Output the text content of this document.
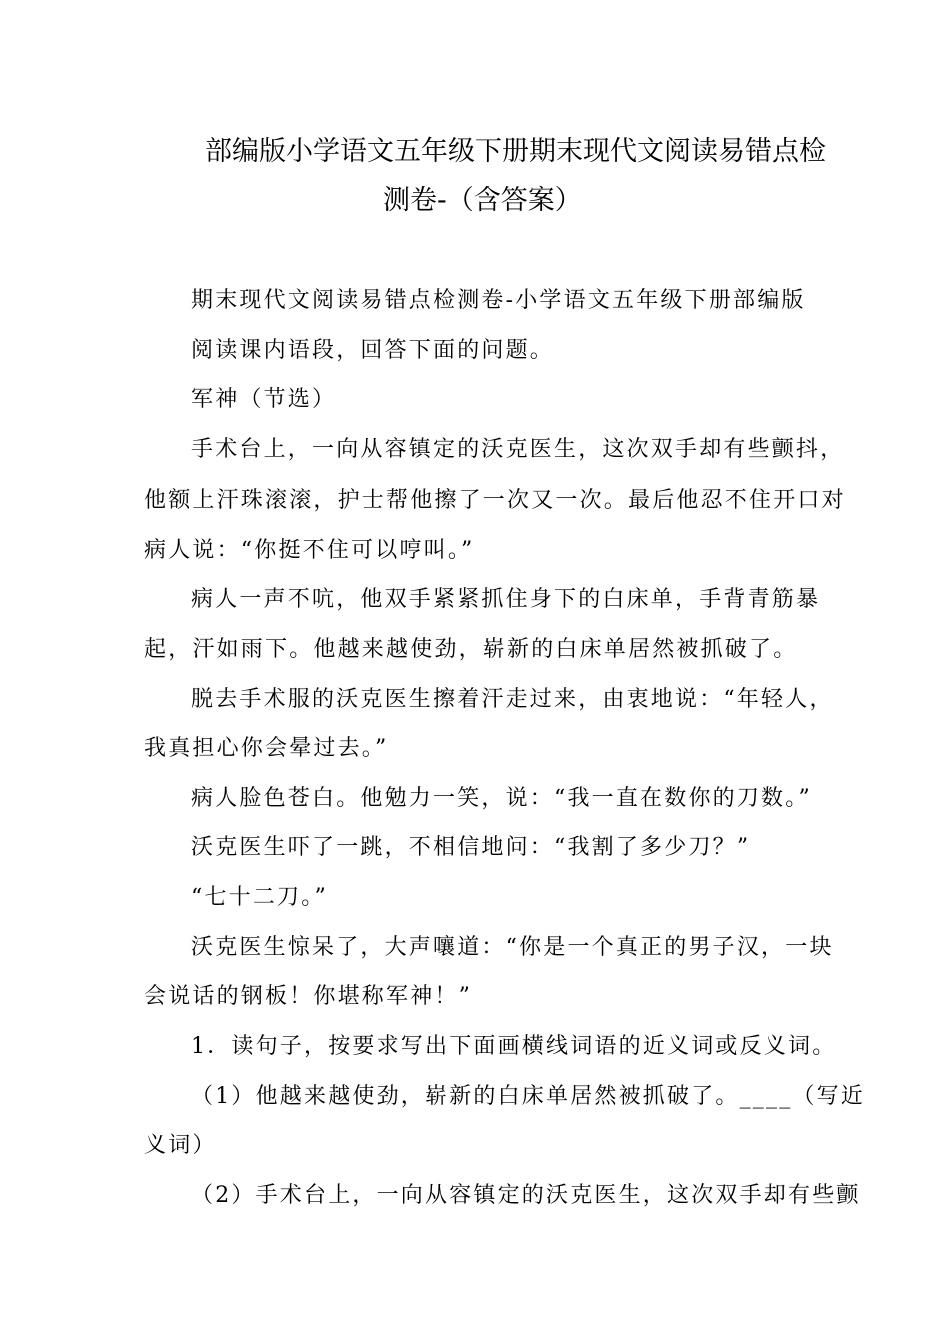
部编版小学语文五年级下册期末现代文阅读易错点检
测卷-（含答案）
期末现代文阅读易错点检测卷-小学语文五年级下册部编版
阅读课内语段，回答下面的问题。
军神（节选）
手术台上，一向从容镇定的沃克医生，这次双手却有些颤抖，
他额上汗珠滚滚，护士帮他擦了一次又一次。最后他忍不住开口对
病人说：“你挺不住可以哼叫。”
病人一声不吭，他双手紧紧抓住身下的白床单，手背青筋暴
起，汗如雨下。他越来越使劲，崭新的白床单居然被抓破了。
脱去手术服的沃克医生擦着汗走过来，由衷地说：“年轻人，
我真担心你会晕过去。”
病人脸色苍白。他勉力一笑，说：“我一直在数你的刀数。”
沃克医生吓了一跳，不相信地问：“我割了多少刀？”
“七十二刀。”
沃克医生惊呆了，大声嚷道：“你是一个真正的男子汉，一块
会说话的钢板！你堪称军神！”
1．读句子，按要求写出下面画横线词语的近义词或反义词。
（1）他越来越使劲，崭新的白床单居然被抓破了。____（写近
义词）
（2）手术台上，一向从容镇定的沃克医生，这次双手却有些颤
